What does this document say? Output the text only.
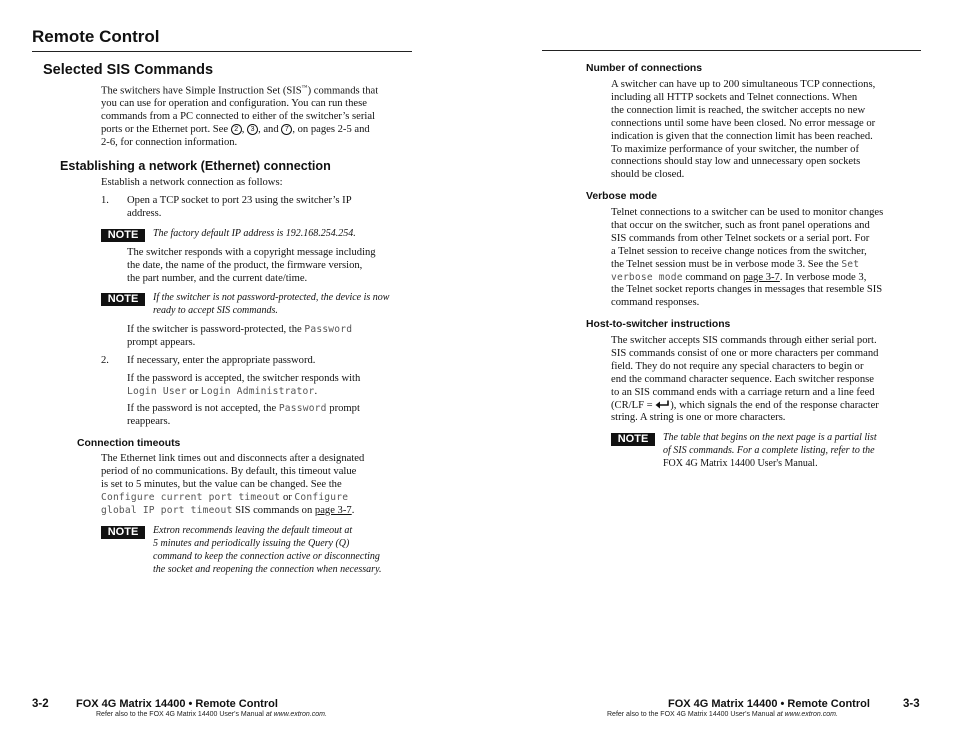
Remote Control
Selected SIS Commands
The switchers have Simple Instruction Set (SIS™) commands that
you can use for operation and configuration. You can run these
commands from a PC connected to either of the switcher’s serial
ports or the Ethernet port. See 2 , 3 , and 7 , on pages 2-5 and
2-6, for connection information.
Establishing a network (Ethernet) connection
Establish a network connection as follows:
1. Open a TCP socket to port 23 using the switcher’s IP
address.
NOTE	The factory default IP address is 192.168.254.254.
The switcher responds with a copyright message including
the date, the name of the product, the firmware version,
the part number, and the current date/time.
NOTE	If the switcher is not password-protected, the device is now
ready to accept SIS commands.
If the switcher is password-protected, the Password
prompt appears.
2. If necessary, enter the appropriate password.
If the password is accepted, the switcher responds with
Login User or Login Administrator.
If the password is not accepted, the Password prompt
reappears.
Connection timeouts
The Ethernet link times out and disconnects after a designated
period of no communications. By default, this timeout value
is set to 5 minutes, but the value can be changed. See the
Configure current port timeout or Configure
global IP port timeout SIS commands on page 3-7.
NOTE	Extron recommends leaving the default timeout at
5 minutes and periodically issuing the Query (Q)
command to keep the connection active or disconnecting
the socket and reopening the connection when necessary.
3-2 FOX 4G Matrix 14400 • Remote Control
Refer also to the FOX 4G Matrix 14400 User's Manual at www.extron.com.
Number of connections
A switcher can have up to 200 simultaneous TCP connections,
including all HTTP sockets and Telnet connections. When
the connection limit is reached, the switcher accepts no new
connections until some have been closed. No error message or
indication is given that the connection limit has been reached.
To maximize performance of your switcher, the number of
connections should stay low and unnecessary open sockets
should be closed.
Verbose mode
Telnet connections to a switcher can be used to monitor changes
that occur on the switcher, such as front panel operations and
SIS commands from other Telnet sockets or a serial port. For
a Telnet session to receive change notices from the switcher,
the Telnet session must be in verbose mode 3. See the Set
verbose mode command on page 3-7. In verbose mode 3,
the Telnet socket reports changes in messages that resemble SIS
command responses.
Host-to-switcher instructions
The switcher accepts SIS commands through either serial port.
SIS commands consist of one or more characters per command
field. They do not require any special characters to begin or
end the command character sequence. Each switcher response
to an SIS command ends with a carriage return and a line feed
(CR/LF = ), which signals the end of the response character
string. A string is one or more characters.
NOTE	The table that begins on the next page is a partial list
of SIS commands. For a complete listing, refer to the
FOX 4G Matrix 14400 User's Manual.
FOX 4G Matrix 14400 • Remote Control	3-3
Refer also to the FOX 4G Matrix 14400 User's Manual at www.extron.com.
